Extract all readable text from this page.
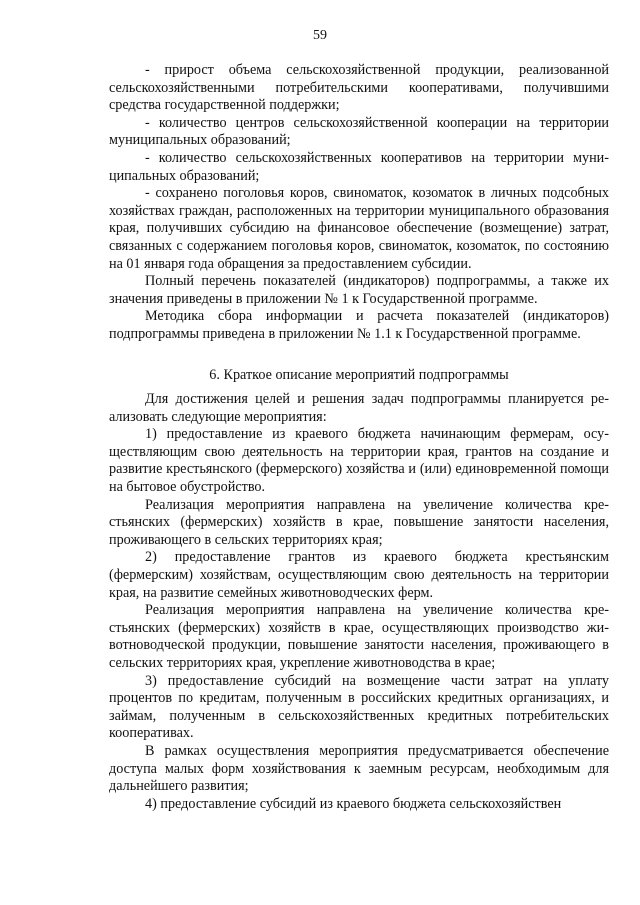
59

- прирост объема сельскохозяйственной продукции, реализованной сельскохозяйственными потребительскими кооперативами, получившими средства государственной поддержки;

- количество центров сельскохозяйственной кооперации на территории муниципальных образований;

- количество сельскохозяйственных кооперативов на территории муниципальных образований;

- сохранено поголовья коров, свиноматок, козоматок в личных подсобных хозяйствах граждан, расположенных на территории муниципального образования края, получивших субсидию на финансовое обеспечение (возмещение) затрат, связанных с содержанием поголовья коров, свиноматок, козоматок, по состоянию на 01 января года обращения за предоставлением субсидии.

Полный перечень показателей (индикаторов) подпрограммы, а также их значения приведены в приложении № 1 к Государственной программе.

Методика сбора информации и расчета показателей (индикаторов) подпрограммы приведена в приложении № 1.1 к Государственной программе.

6. Краткое описание мероприятий подпрограммы

Для достижения целей и решения задач подпрограммы планируется реализовать следующие мероприятия:

1) предоставление из краевого бюджета начинающим фермерам, осуществляющим свою деятельность на территории края, грантов на создание и развитие крестьянского (фермерского) хозяйства и (или) единовременной помощи на бытовое обустройство.

Реализация мероприятия направлена на увеличение количества крестьянских (фермерских) хозяйств в крае, повышение занятости населения, проживающего в сельских территориях края;

2) предоставление грантов из краевого бюджета крестьянским (фермерским) хозяйствам, осуществляющим свою деятельность на территории края, на развитие семейных животноводческих ферм.

Реализация мероприятия направлена на увеличение количества крестьянских (фермерских) хозяйств в крае, осуществляющих производство животноводческой продукции, повышение занятости населения, проживающего в сельских территориях края, укрепление животноводства в крае;

3) предоставление субсидий на возмещение части затрат на уплату процентов по кредитам, полученным в российских кредитных организациях, и займам, полученным в сельскохозяйственных кредитных потребительских кооперативах.

В рамках осуществления мероприятия предусматривается обеспечение доступа малых форм хозяйствования к заемным ресурсам, необходимым для дальнейшего развития;

4) предоставление субсидий из краевого бюджета сельскохозяйствен
